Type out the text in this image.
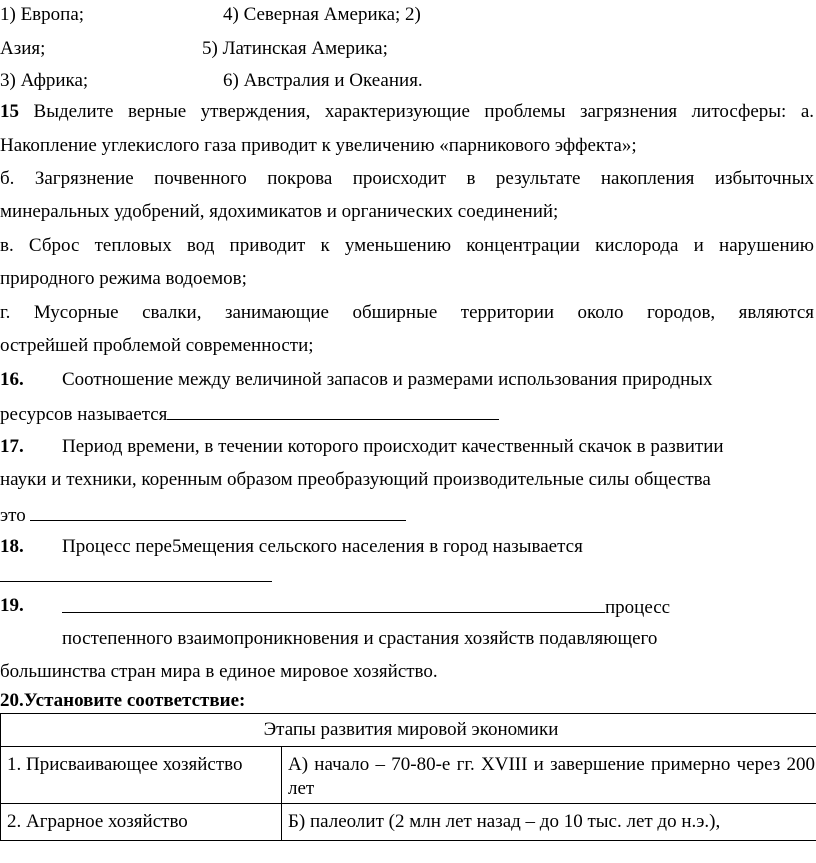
1) Европа;	4) Северная Америка; 2)
Азия;	5) Латинская Америка;
3) Африка;	6) Австралия и Океания.
15 Выделите верные утверждения, характеризующие проблемы загрязнения литосферы: а.
Накопление углекислого газа приводит к увеличению «парникового эффекта»;
б. Загрязнение почвенного покрова происходит в результате накопления избыточных
минеральных удобрений, ядохимикатов и органических соединений;
в. Сброс тепловых вод приводит к уменьшению концентрации кислорода и нарушению
природного режима водоемов;
г. Мусорные свалки, занимающие обширные территории около городов, являются
острейшей проблемой современности;
16. Соотношение между величиной запасов и размерами использования природных
ресурсов называется
17. Период времени, в течении которого происходит качественный скачок в развитии
науки и техники, коренным образом преобразующий производительные силы общества
это
18. Процесс пере5мещения сельского населения в город называется
19.	процесс
постепенного взаимопроникновения и срастания хозяйств подавляющего
большинства стран мира в единое мировое хозяйство.
20.Установите соответствие:
Этапы развития мировой экономики	
1. Присваивающее хозяйство	А) начало – 70-80-е гг. XVIII и завершение примерно через 200 лет
2. Аграрное хозяйство	Б) палеолит (2 млн лет назад – до 10 тыс. лет до н.э.),
